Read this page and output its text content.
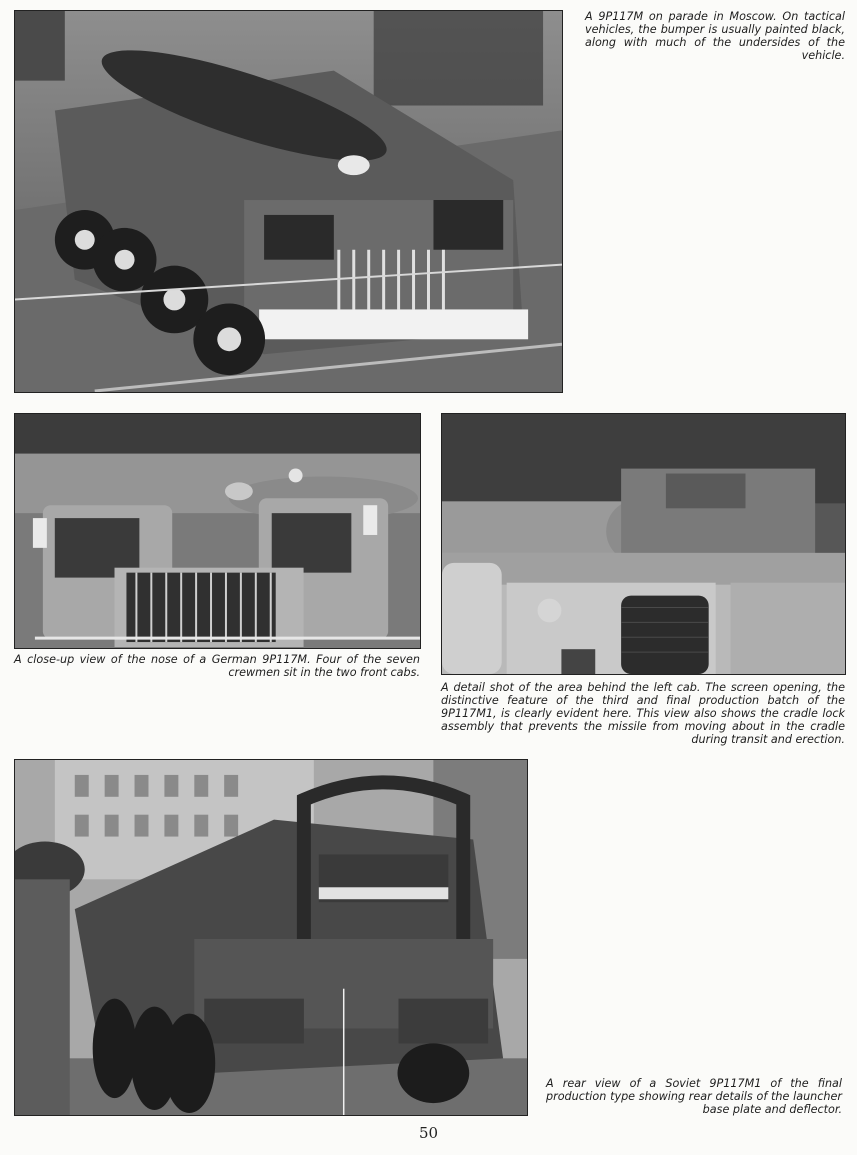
A 9P117M on parade in Moscow. On tactical vehicles, the bumper is usually painted black, along with much of the undersides of the vehicle.

A close-up view of the nose of a German 9P117M. Four of the seven crewmen sit in the two front cabs.

A detail shot of the area behind the left cab. The screen opening, the distinctive feature of the third and final production batch of the 9P117M1, is clearly evident here. This view also shows the cradle lock assembly that prevents the missile from moving about in the cradle during transit and erection.

A rear view of a Soviet 9P117M1 of the final production type showing rear details of the launcher base plate and deflector.

50
